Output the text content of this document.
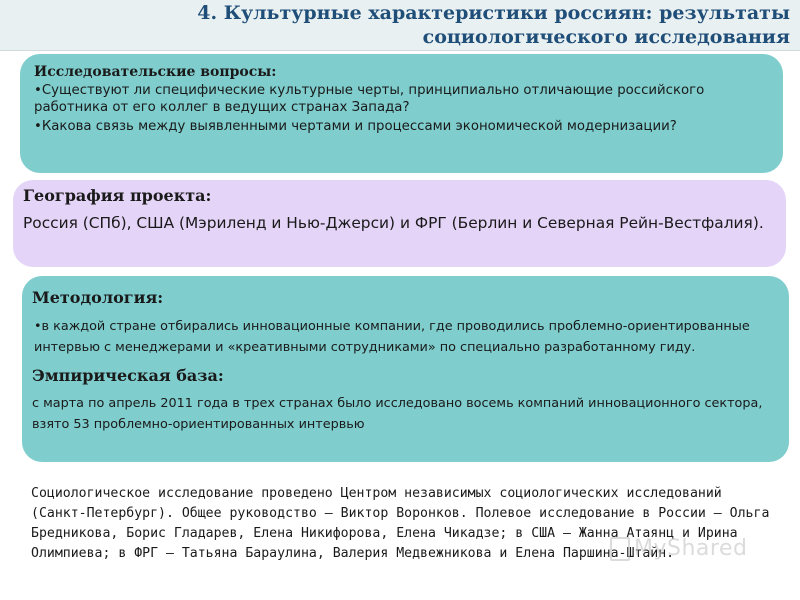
4. Культурные характеристики россиян: результаты
социологического исследования
Исследовательские вопросы:
•Существуют ли специфические культурные черты, принципиально отличающие российского работника от его коллег в ведущих странах Запада?
•Какова связь между выявленными чертами и процессами экономической модернизации?
География проекта:
Россия (СПб), США (Мэриленд и Нью-Джерси) и ФРГ (Берлин и Северная Рейн-Вестфалия).
Методология:
•в каждой стране отбирались инновационные компании, где проводились проблемно-ориентированные интервью с менеджерами и «креативными сотрудниками» по специально разработанному гиду.
Эмпирическая база:
с марта по апрель 2011 года в трех странах было исследовано восемь компаний инновационного сектора, взято 53 проблемно-ориентированных интервью
Социологическое исследование проведено Центром независимых социологических исследований (Санкт-Петербург). Общее руководство – Виктор Воронков. Полевое исследование в России – Ольга Бредникова, Борис Гладарев, Елена Никифорова, Елена Чикадзе; в США – Жанна Атаянц и Ирина Олимпиева; в ФРГ – Татьяна Барaулина, Валерия Медвежникова и Елена Паршина-Штайн.
MyShared
